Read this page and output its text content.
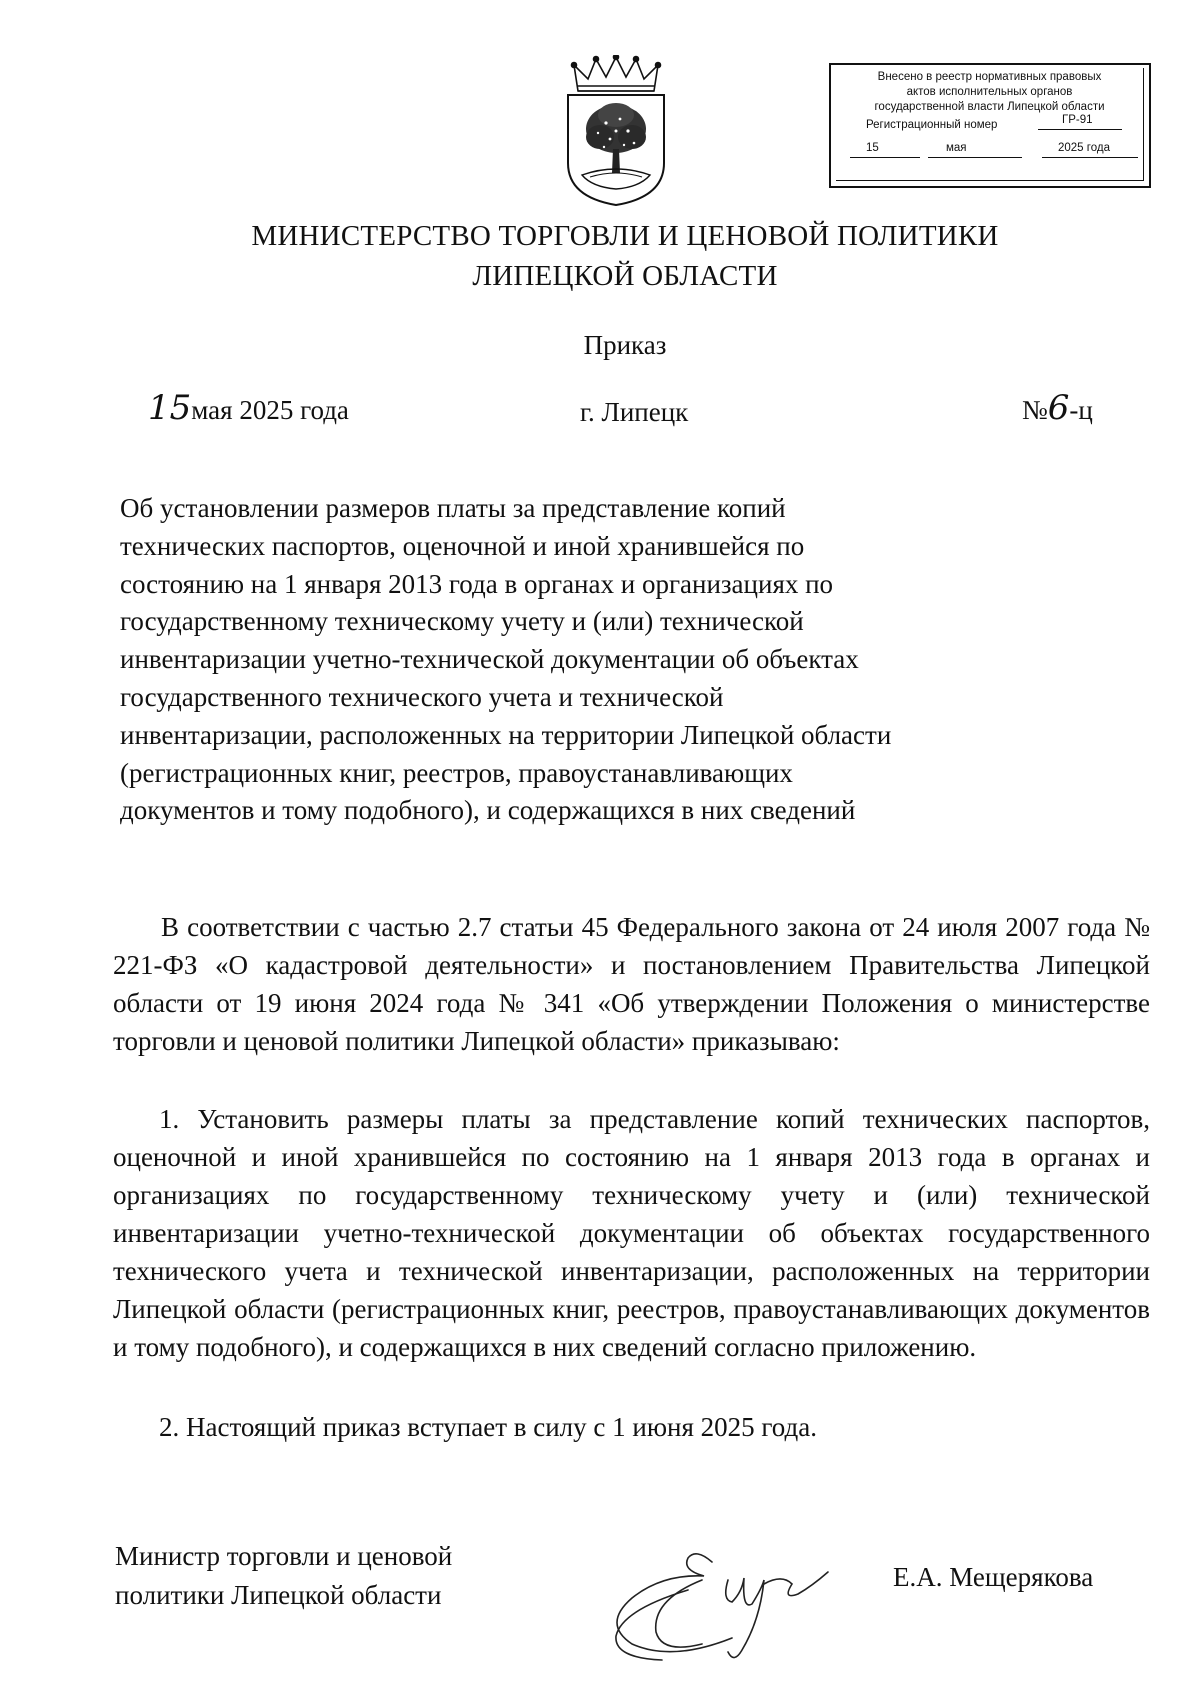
Внесено в реестр нормативных правовых
актов исполнительных органов
государственной власти Липецкой области
Регистрационный номер	ГР-91
15	мая	2025 года
МИНИСТЕРСТВО ТОРГОВЛИ И ЦЕНОВОЙ ПОЛИТИКИ
ЛИПЕЦКОЙ ОБЛАСТИ
Приказ
15мая 2025 года	г. Липецк	№6-ц
Об установлении размеров платы за представление копий
технических паспортов, оценочной и иной хранившейся по
состоянию на 1 января 2013 года в органах и организациях по
государственному техническому учету и (или) технической
инвентаризации учетно-технической документации об объектах
государственного технического учета и технической
инвентаризации, расположенных на территории Липецкой области
(регистрационных книг, реестров, правоустанавливающих
документов и тому подобного), и содержащихся в них сведений
В соответствии с частью 2.7 статьи 45 Федерального закона от 24 июля 2007 года № 221-ФЗ «О кадастровой деятельности» и постановлением Правительства Липецкой области от 19 июня 2024 года № 341 «Об утверждении Положения о министерстве торговли и ценовой политики Липецкой области» приказываю:
1. Установить размеры платы за представление копий технических паспортов, оценочной и иной хранившейся по состоянию на 1 января 2013 года в органах и организациях по государственному техническому учету и (или) технической инвентаризации учетно-технической документации об объектах государственного технического учета и технической инвентаризации, расположенных на территории Липецкой области (регистрационных книг, реестров, правоустанавливающих документов и тому подобного), и содержащихся в них сведений согласно приложению.
2. Настоящий приказ вступает в силу с 1 июня 2025 года.
Министр торговли и ценовой
политики Липецкой области
Е.А. Мещерякова
